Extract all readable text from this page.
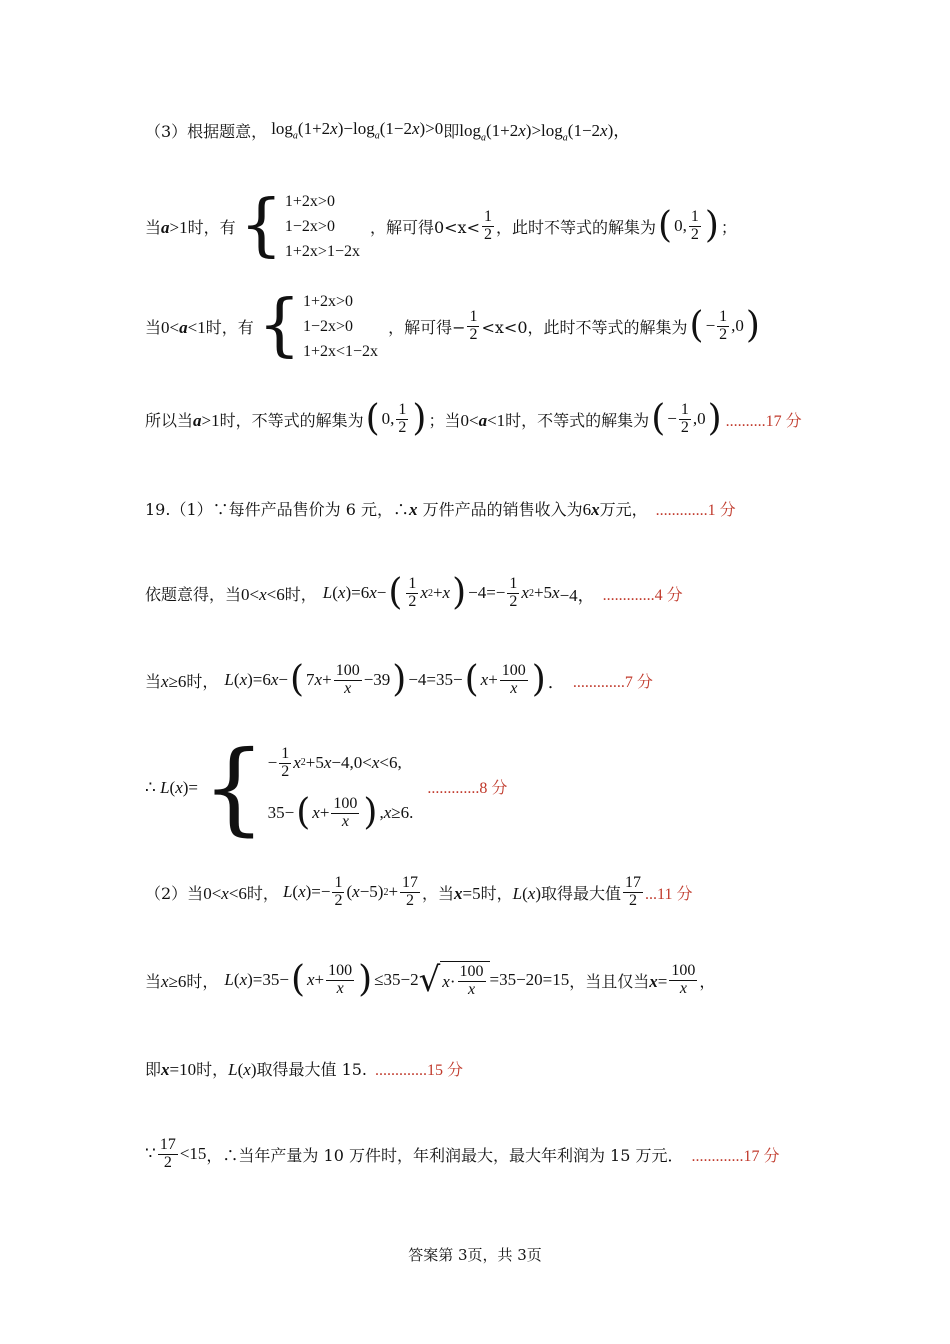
（3）根据题意， $\log_a(1+2x)-\log_a(1-2x)>0$ 即 $\log_a(1+2x)>\log_a(1-2x)$，
当a>1时，有 { 1+2x>0
1−2x>0
1+2x>1−2x
，解可得$0<x< \frac{1}{2}$ ，此时不等式的解集为 ( 0, $\frac{1}{2}$ ) ；
当0<a<1时，有 { 1+2x>0
1−2x>0
1+2x<1−2x
，解可得− $\frac{1}{2} <x<0$，此时不等式的解集为 ( − $\frac{1}{2} ,0$ )
所以当a>1时，不等式的解集为 ( 0, $\frac{1}{2}$ ) ；当0<a<1时，不等式的解集为 ( − $\frac{1}{2} ,0$ ) ..........17 分
19.（1）∵每件产品售价为 6 元，∴x 万件产品的销售收入为6x万元， .............1 分
依题意得，当0<x<6时， L ( x )=6 x − ( $\frac{1}{2}$ x 2 + x ) $-4=- \frac{1}{2}$ x 2 +5 x −4， .............4 分
当x≥6时， L ( x )=6 x − ( 7 $x + \frac{100}{x} -39$ ) −4=35− ( $x + \frac{100}{x}$ ) ． .............7 分
∴ L(x)= { − $\frac{1}{2}$ x 2 +5 x −4,0< x <6,
35− ( $x + \frac{100}{x}$ ) , x ≥6.
.............8 分
（2）当0<x<6时， L ( x )=− $\frac{1}{2}$ ( x −5) $2 + \frac{17}{2}$ ，当x=5时，L(x)取得最大值 $\frac{17}{2} ...11$ 分
当x≥6时， L ( x )=35− ( $x + \frac{100}{x}$ ) ≤35−2 √ $x \cdot \frac{100}{x} =35-20=15$ ，当且仅当$x= \frac{100}{x}$ ，
即x=10时，L(x)取得最大值 15. .............15 分
∵ $\frac{17}{2} <15$ ，∴当年产量为 10 万件时，年利润最大，最大年利润为 15 万元． .............17 分
答案第 3页，共 3页
